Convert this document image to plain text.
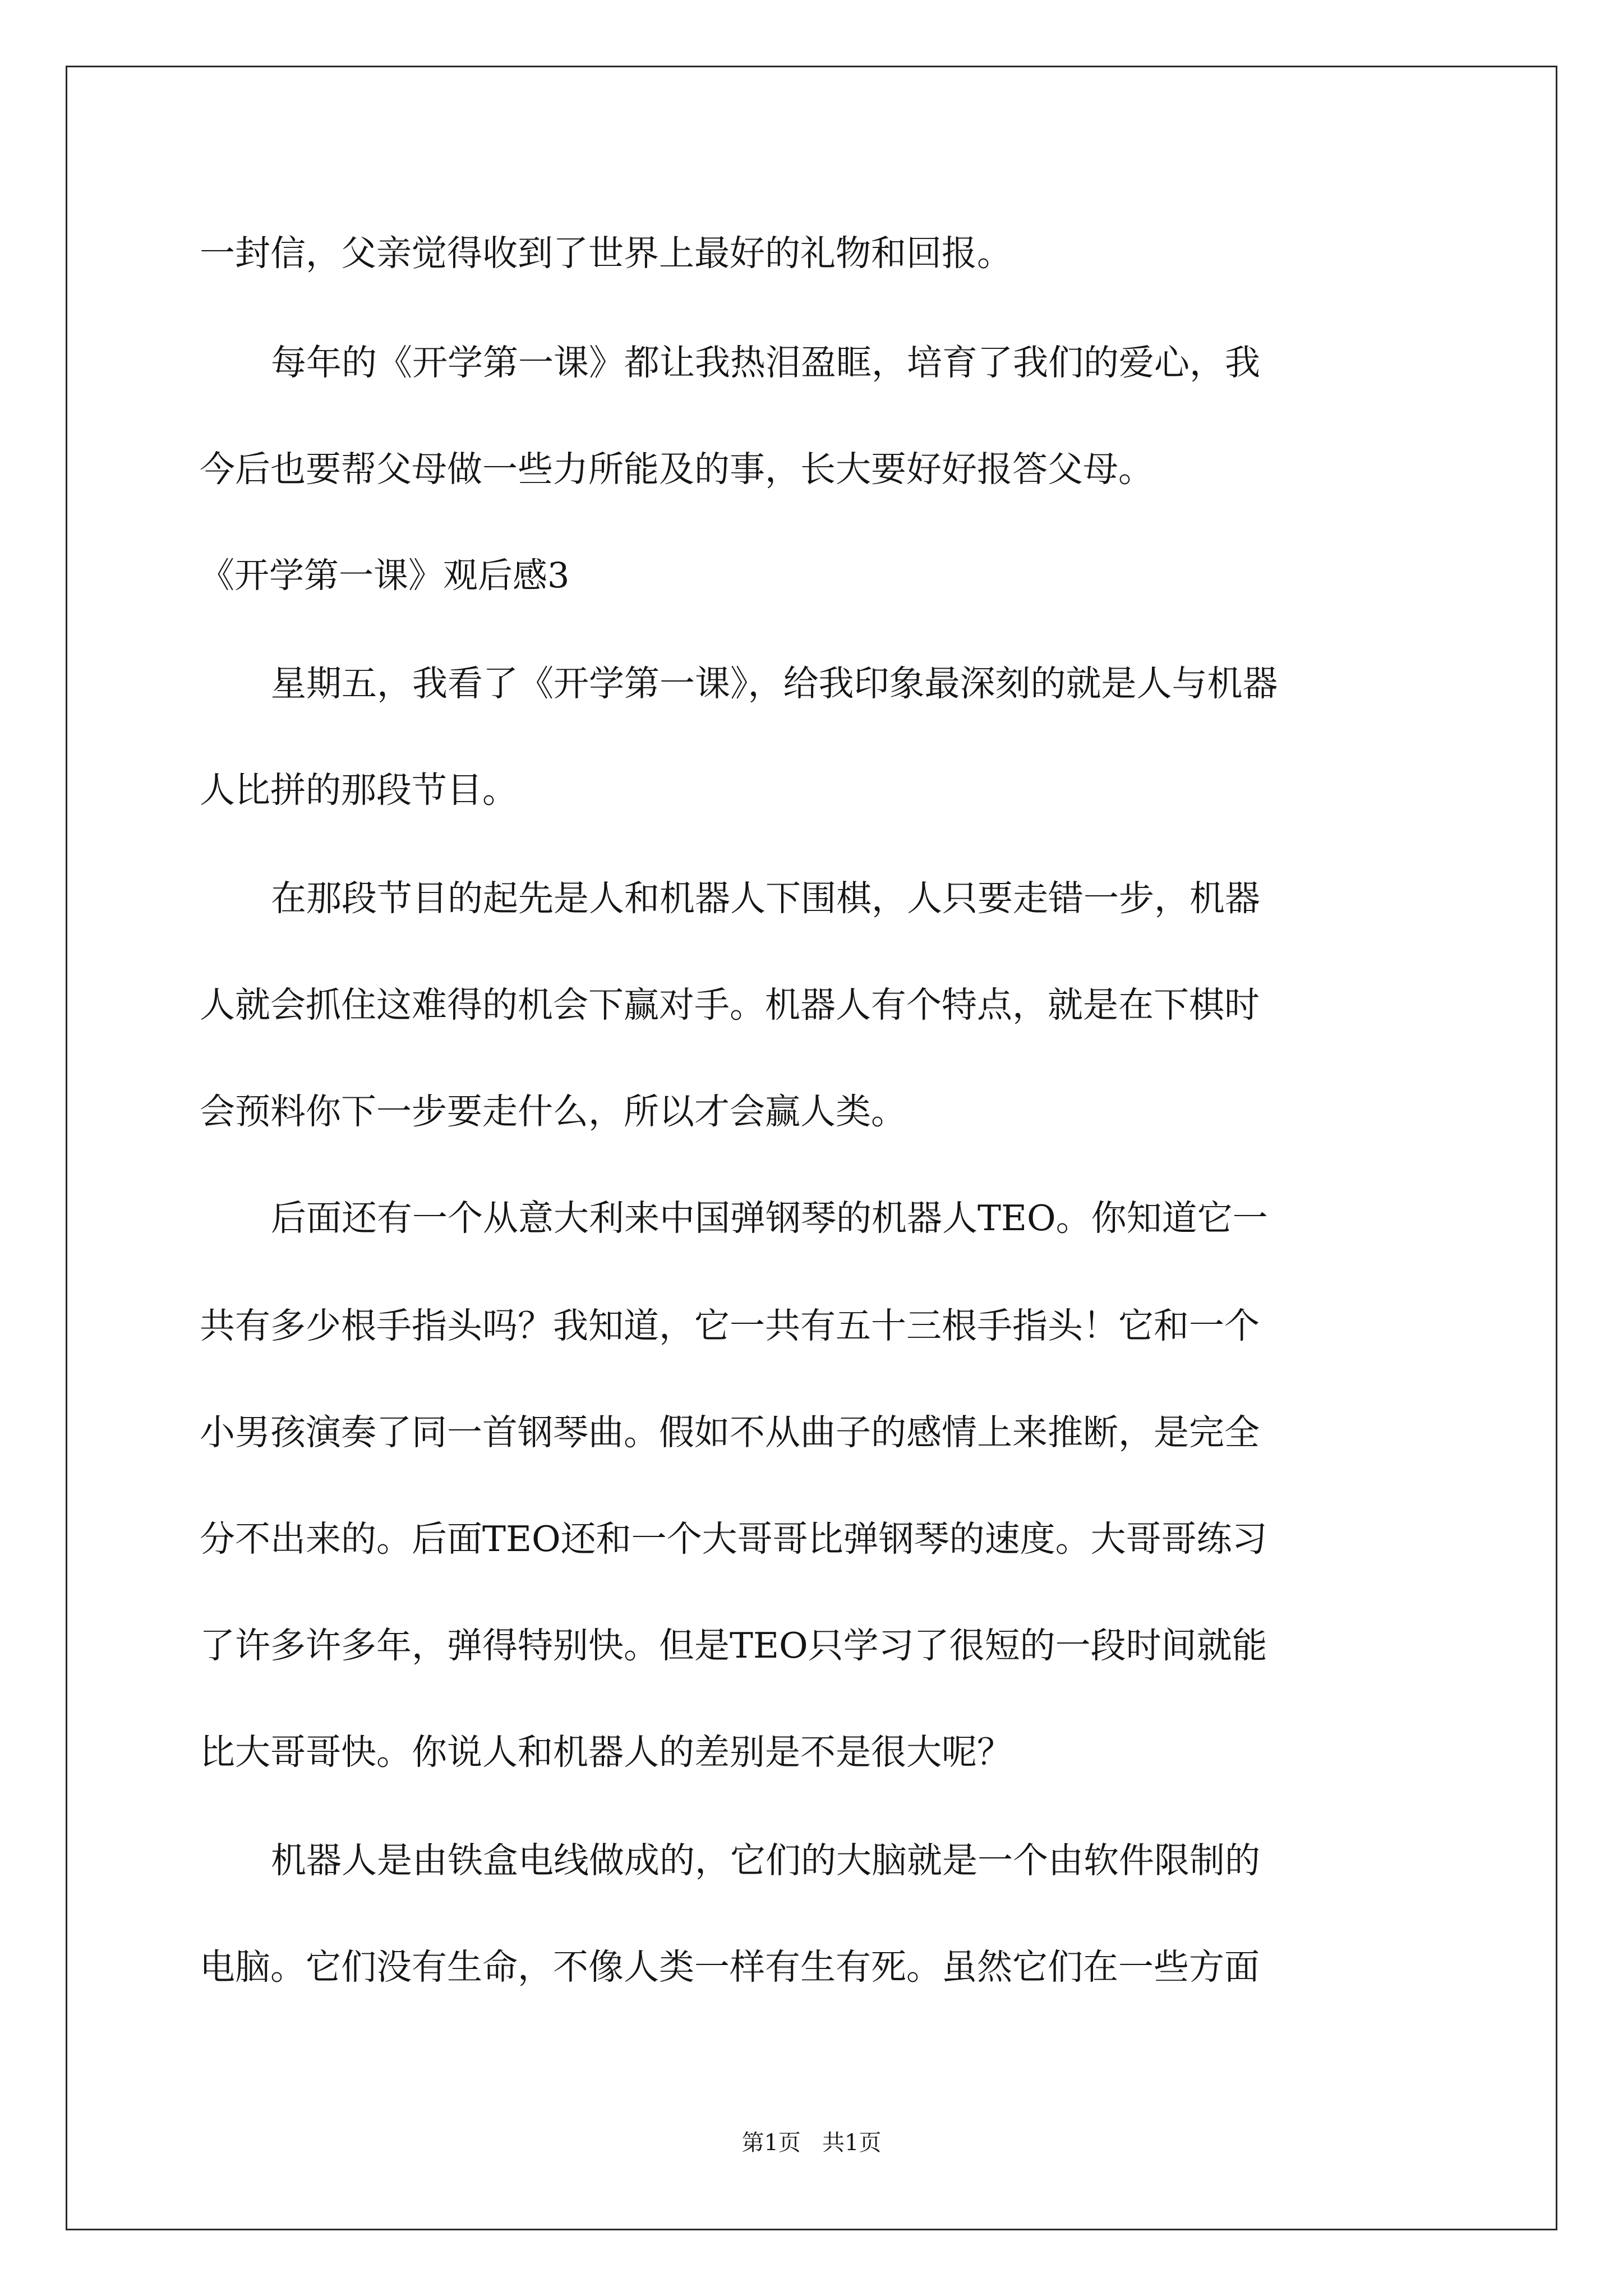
一封信，父亲觉得收到了世界上最好的礼物和回报。
每年的《开学第一课》都让我热泪盈眶，培育了我们的爱心，我
今后也要帮父母做一些力所能及的事，长大要好好报答父母。
《开学第一课》观后感3
星期五，我看了《开学第一课》，给我印象最深刻的就是人与机器
人比拼的那段节目。
在那段节目的起先是人和机器人下围棋，人只要走错一步，机器
人就会抓住这难得的机会下赢对手。机器人有个特点，就是在下棋时
会预料你下一步要走什么，所以才会赢人类。
后面还有一个从意大利来中国弹钢琴的机器人TEO。你知道它一
共有多少根手指头吗？我知道，它一共有五十三根手指头！它和一个
小男孩演奏了同一首钢琴曲。假如不从曲子的感情上来推断，是完全
分不出来的。后面TEO还和一个大哥哥比弹钢琴的速度。大哥哥练习
了许多许多年，弹得特别快。但是TEO只学习了很短的一段时间就能
比大哥哥快。你说人和机器人的差别是不是很大呢？
机器人是由铁盒电线做成的，它们的大脑就是一个由软件限制的
电脑。它们没有生命，不像人类一样有生有死。虽然它们在一些方面
第1页   共1页
